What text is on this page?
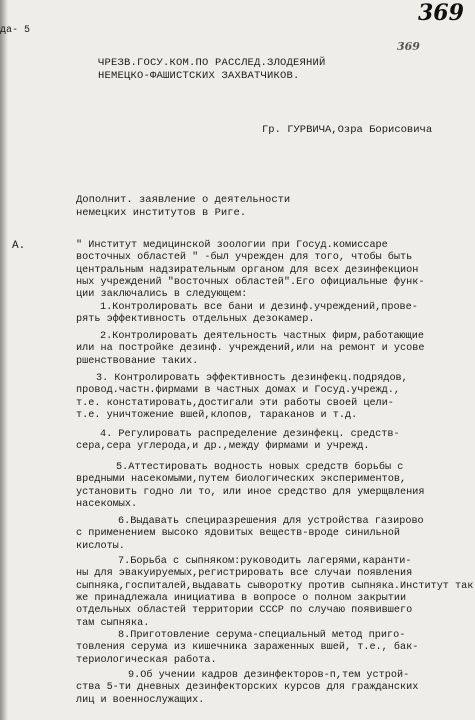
369
369
да- 5
ЧРЕЗВ.ГОСУ.КОМ.ПО РАССЛЕД.ЗЛОДЕЯНИЙ
НЕМЕЦКО-ФАШИСТСКИХ ЗАХВАТЧИКОВ.
Гр. ГУРВИЧА,Озра Борисовича
Дополнит. заявление о деятельности
немецких институтов в Риге.
А.	" Институт медицинской зоологии при Госуд.комиссаре
восточных областей " -был учрежден для того, чтобы быть
центральным надзирательным органом для всех дезинфекцион
ных учреждений "восточных областей".Его официальные функ-
ции заключались в следующем:
1.Контролировать все бани и дезинф.учреждений,прове-
рять эффективность отдельных дезокамер.
2.Контролировать деятельность частных фирм,работающие
или на постройке дезинф. учреждений,или на ремонт и усове
ршенствование таких.
3. Контролировать эффективность дезинфекц.подрядов,
провод.частн.фирмами в частных домах и Госуд.учрежд.,
т.е. констатировать,достигали эти работы своей цели-
т.е. уничтожение вшей,клопов, тараканов и т.д.
4. Регулировать распределение дезинфекц. средств-
сера,сера углерода,и др.,между фирмами и учрежд.
5.Аттестировать водность новых средств борьбы с
вредными насекомыми,путем биологических экспериментов,
установить годно ли то, или иное средство для умерщвления
насекомых.
6.Выдавать специразрешения для устройства газирово
с применением высоко ядовитых веществ-вроде синильной
кислоты.
7.Борьба с сыпняком:руководить лагерями,каранти-
ны для эвакуируемых,регистрировать все случаи появления
сыпняка,госпиталей,выдавать сыворотку против сыпняка.Институт так
же принадлежала инициатива в вопросе о полном закрытии
отдельных областей территории СССР по случаю появившего
там сыпняка.
8.Приготовление серума-специальный метод приго-
товления серума из кишечника зараженных вшей, т.е., бак-
териологическая работа.
9.Об учении кадров дезинфекторов-п,тем устрой-
ства 5-ти дневных дезинфекторских курсов для гражданских
лиц и военнослужащих.
